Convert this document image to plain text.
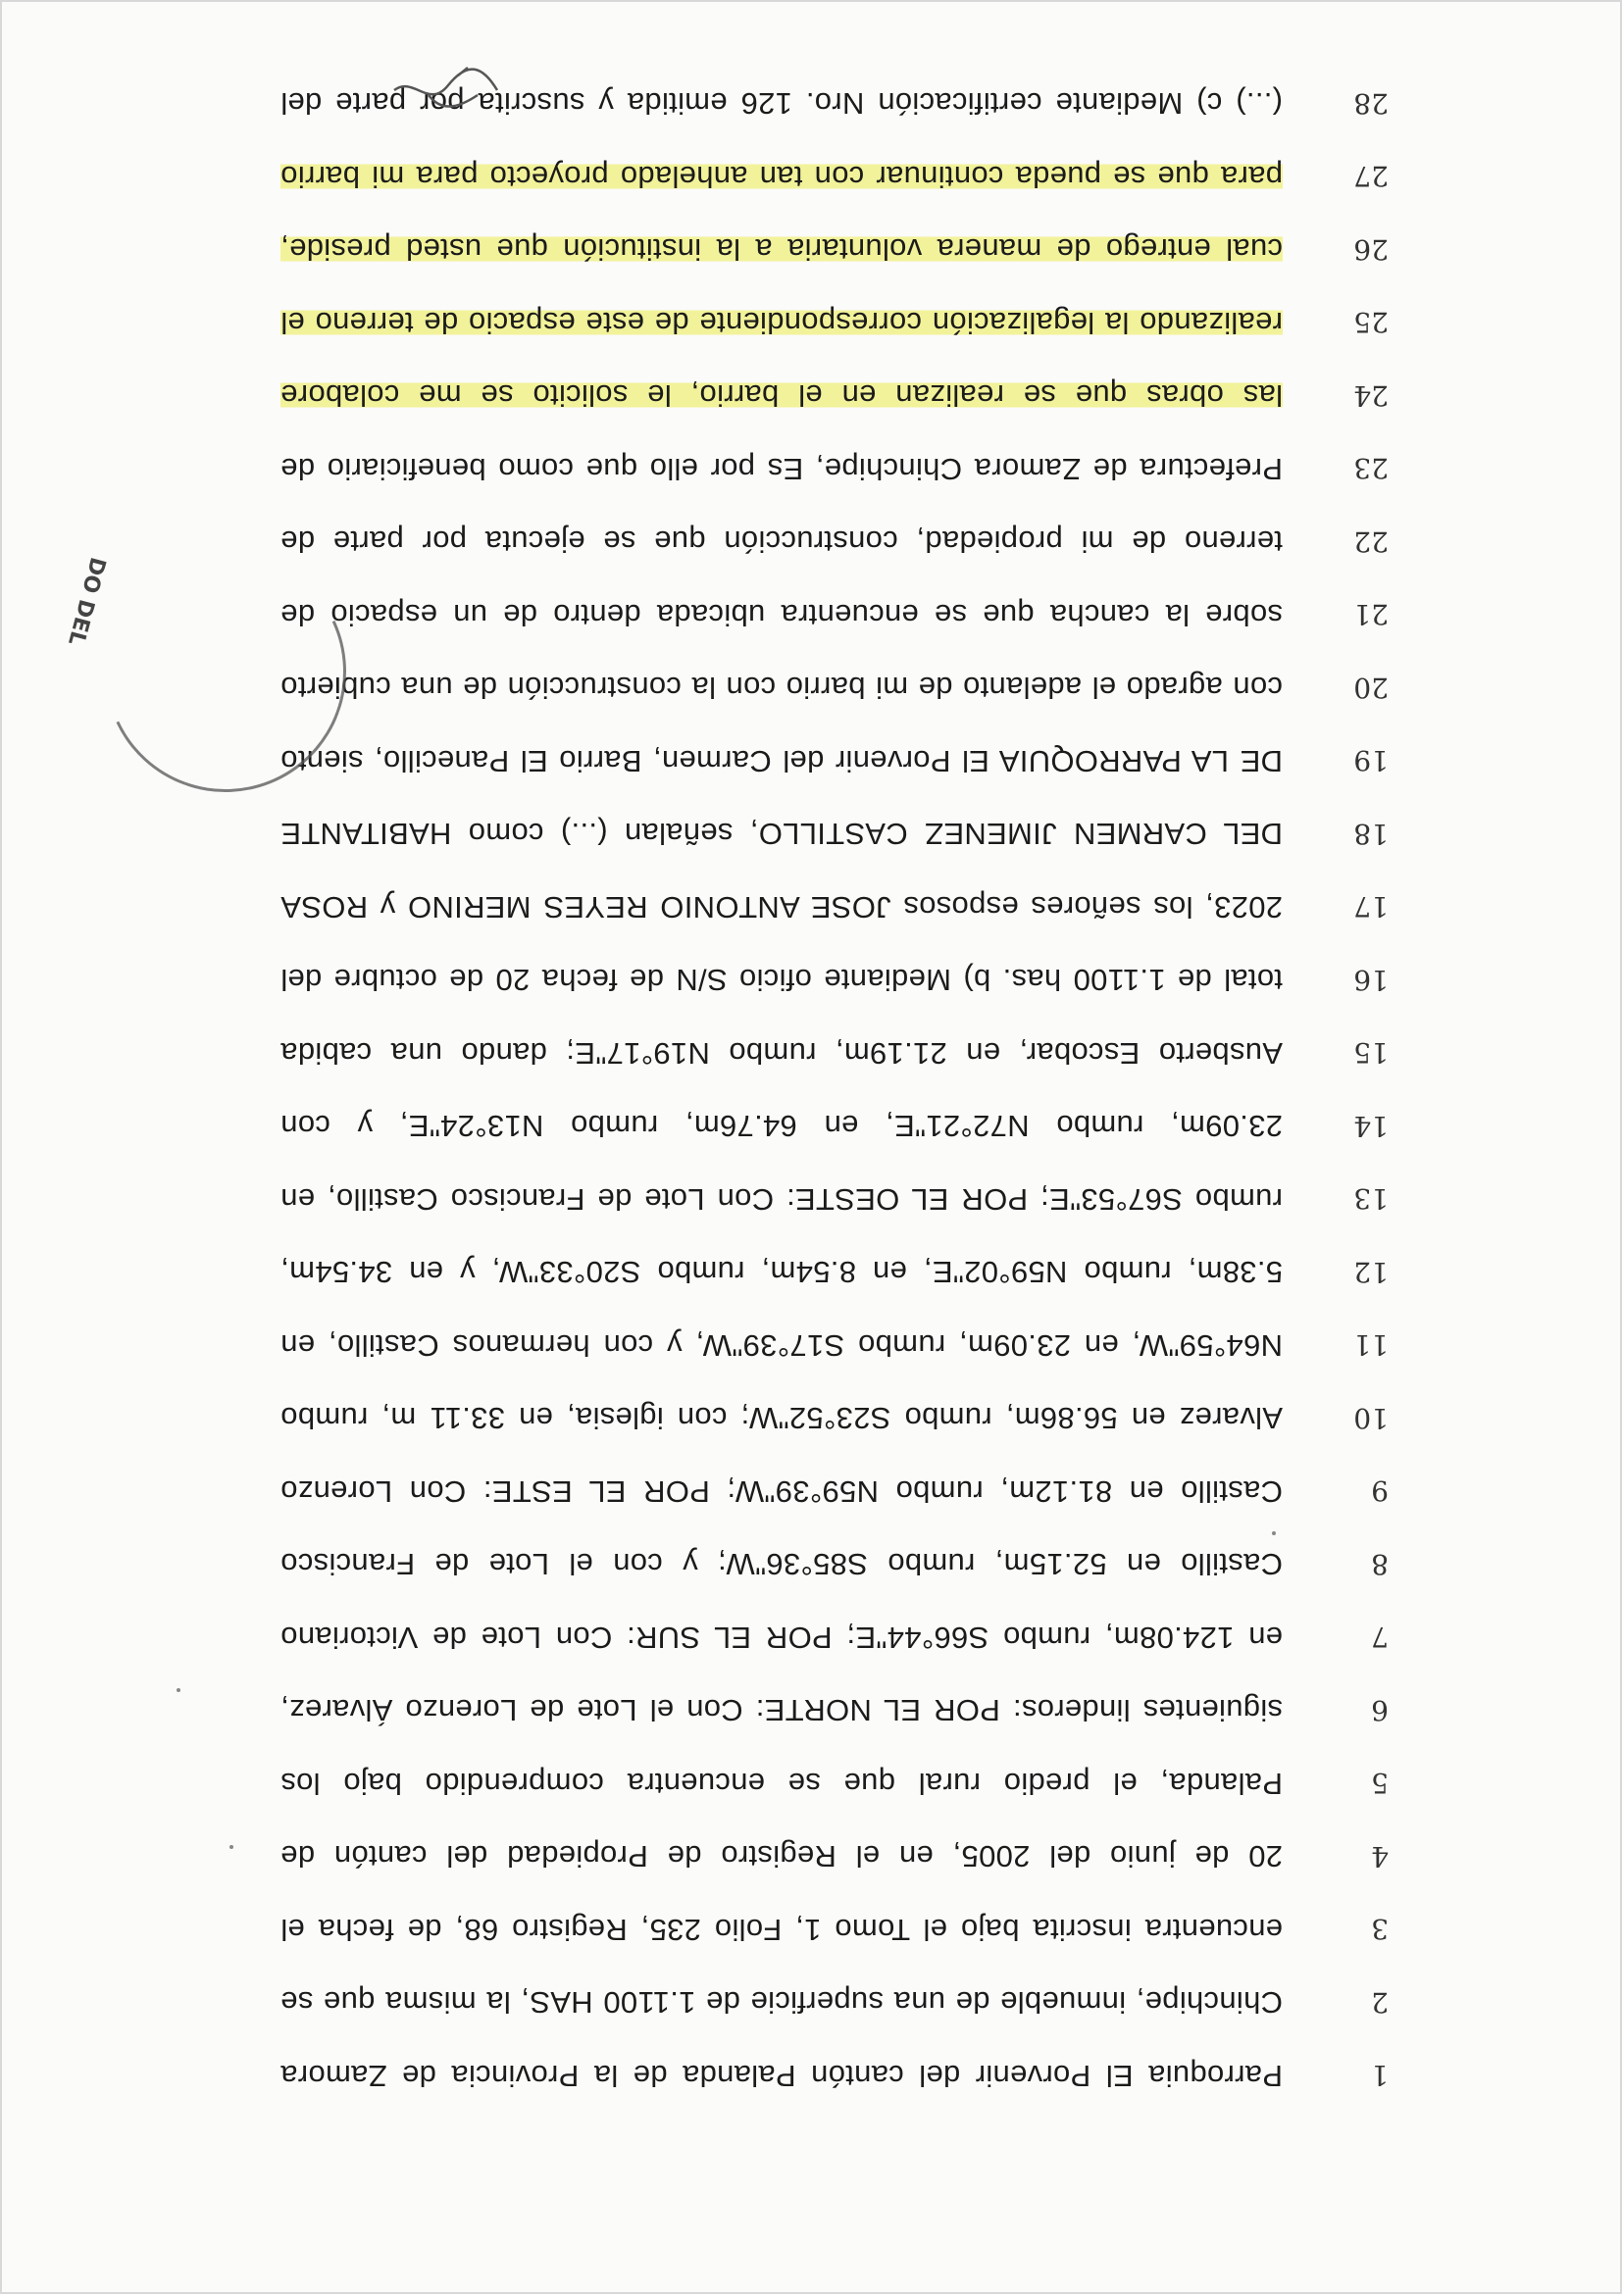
1
Parroquia El Porvenir del cantón Palanda de la Provincia de Zamora
2
Chinchipe, inmueble de una superficie de 1.1100 HAS, la misma que se
3
encuentra inscrita bajo el Tomo 1, Folio 235, Registro 68, de fecha el
4
20 de junio del 2005, en el Registro de Propiedad del cantón de
5
Palanda, el predio rural que se encuentra comprendido bajo los
6
siguientes linderos: POR EL NORTE: Con el Lote de Lorenzo Álvarez,
7
en 124.08m, rumbo S66°44"E; POR EL SUR: Con Lote de Victoriano
8
Castillo en 52.15m, rumbo S85°36"W; y con el Lote de Francisco
9
Castillo en 81.12m, rumbo N59°39"W; POR EL ESTE: Con Lorenzo
10
Alvarez en 56.86m, rumbo S23°52"W; con iglesia, en 33.11 m, rumbo
11
N64°59"W, en 23.09m, rumbo S17°39"W, y con hermanos Castillo, en
12
5.38m, rumbo N59°02"E, en 8.54m, rumbo S20°33"W, y en 34.54m,
13
rumbo S67°53"E; POR EL OESTE: Con Lote de Francisco Castillo, en
14
23.09m, rumbo N72°21"E, en 64.76m, rumbo N13°24"E, y con
15
Ausberto Escobar, en 21.19m, rumbo N19°17"E; dando una cabida
16
total de 1.1100 has. b) Mediante oficio S/N de fecha 20 de octubre del
17
2023, los señores esposos JOSE ANTONIO REYES MERINO y ROSA
18
DEL CARMEN JIMENEZ CASTILLO, señalan (...) como HABITANTE
19
DE LA PARROQUIA El Porvenir del Carmen, Barrio El Panecillo, siento
20
con agrado el adelanto de mi barrio con la construcción de una cubierto
21
sobre la cancha que se encuentra ubicada dentro de un espacio de
22
terreno de mi propiedad, construcción que se ejecuta por parte de
23
Prefectura de Zamora Chinchipe, Es por ello que como beneficiario de
24
las obras que se realizan en el barrio, le solicito se me colabore
25
realizando la legalización correspondiente de este espacio de terreno el
26
cual entrego de manera voluntaria a la institución que usted preside,
27
para que se pueda continuar con tan anhelado proyecto para mi barrio
28
(...) c) Mediante certificación Nro. 126 emitida y suscrita por parte del
DO DEL
